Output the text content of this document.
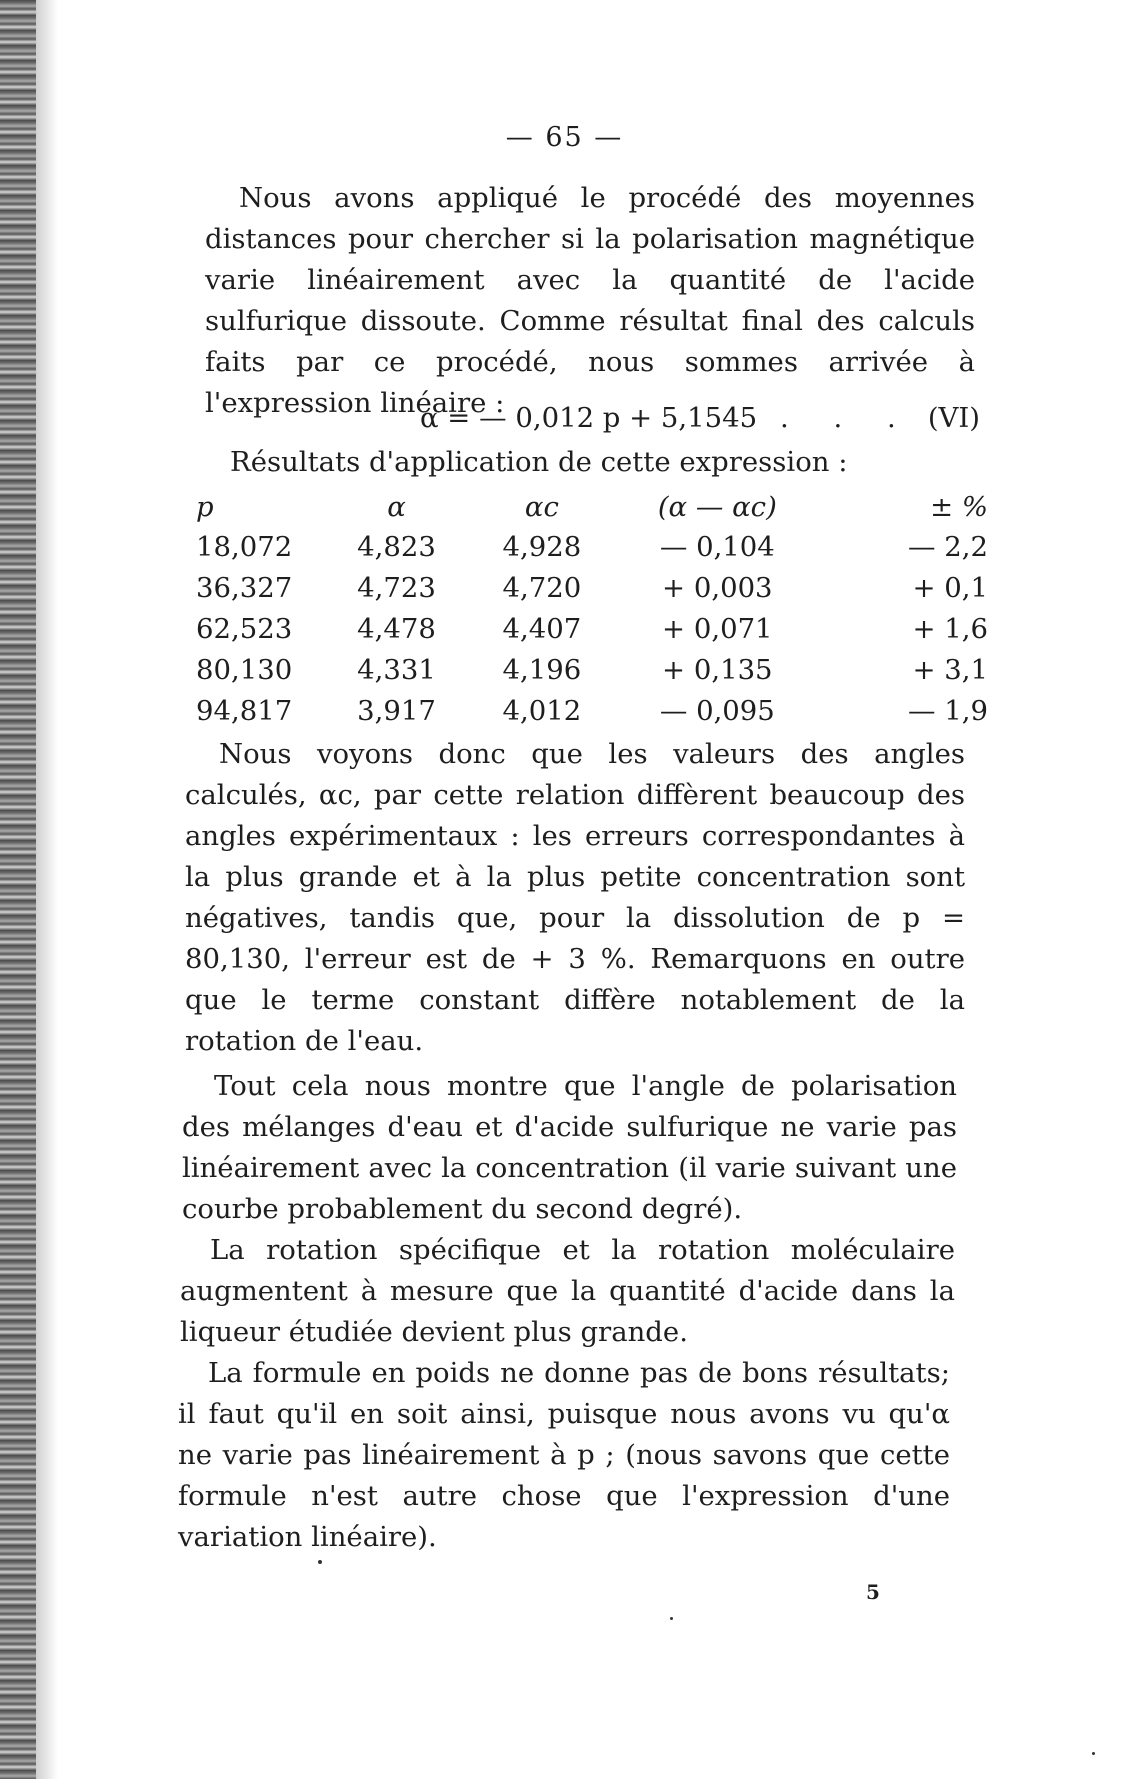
— 65 —

Nous avons appliqué le procédé des moyennes distances pour chercher si la polarisation magnétique varie linéairement avec la quantité de l'acide sulfurique dissoute. Comme résultat final des calculs faits par ce procédé, nous sommes arrivée à l'expression linéaire :

α = — 0,012 p + 5,1545 . . . (VI)
Résultats d'application de cette expression :
p	α	αc	(α — αc)	± %
18,072	4,823	4,928	— 0,104	— 2,2
36,327	4,723	4,720	+ 0,003	+ 0,1
62,523	4,478	4,407	+ 0,071	+ 1,6
80,130	4,331	4,196	+ 0,135	+ 3,1
94,817	3,917	4,012	— 0,095	— 1,9

Nous voyons donc que les valeurs des angles calculés, αc, par cette relation diffèrent beaucoup des angles expérimentaux : les erreurs correspondantes à la plus grande et à la plus petite concentration sont négatives, tandis que, pour la dissolution de p = 80,130, l'erreur est de + 3 %. Remarquons en outre que le terme constant diffère notablement de la rotation de l'eau.

Tout cela nous montre que l'angle de polarisation des mélanges d'eau et d'acide sulfurique ne varie pas linéairement avec la concentration (il varie suivant une courbe probablement du second degré).

La rotation spécifique et la rotation moléculaire augmentent à mesure que la quantité d'acide dans la liqueur étudiée devient plus grande.

La formule en poids ne donne pas de bons résultats; il faut qu'il en soit ainsi, puisque nous avons vu qu'α ne varie pas linéairement à p ; (nous savons que cette formule n'est autre chose que l'expression d'une variation linéaire).

5
